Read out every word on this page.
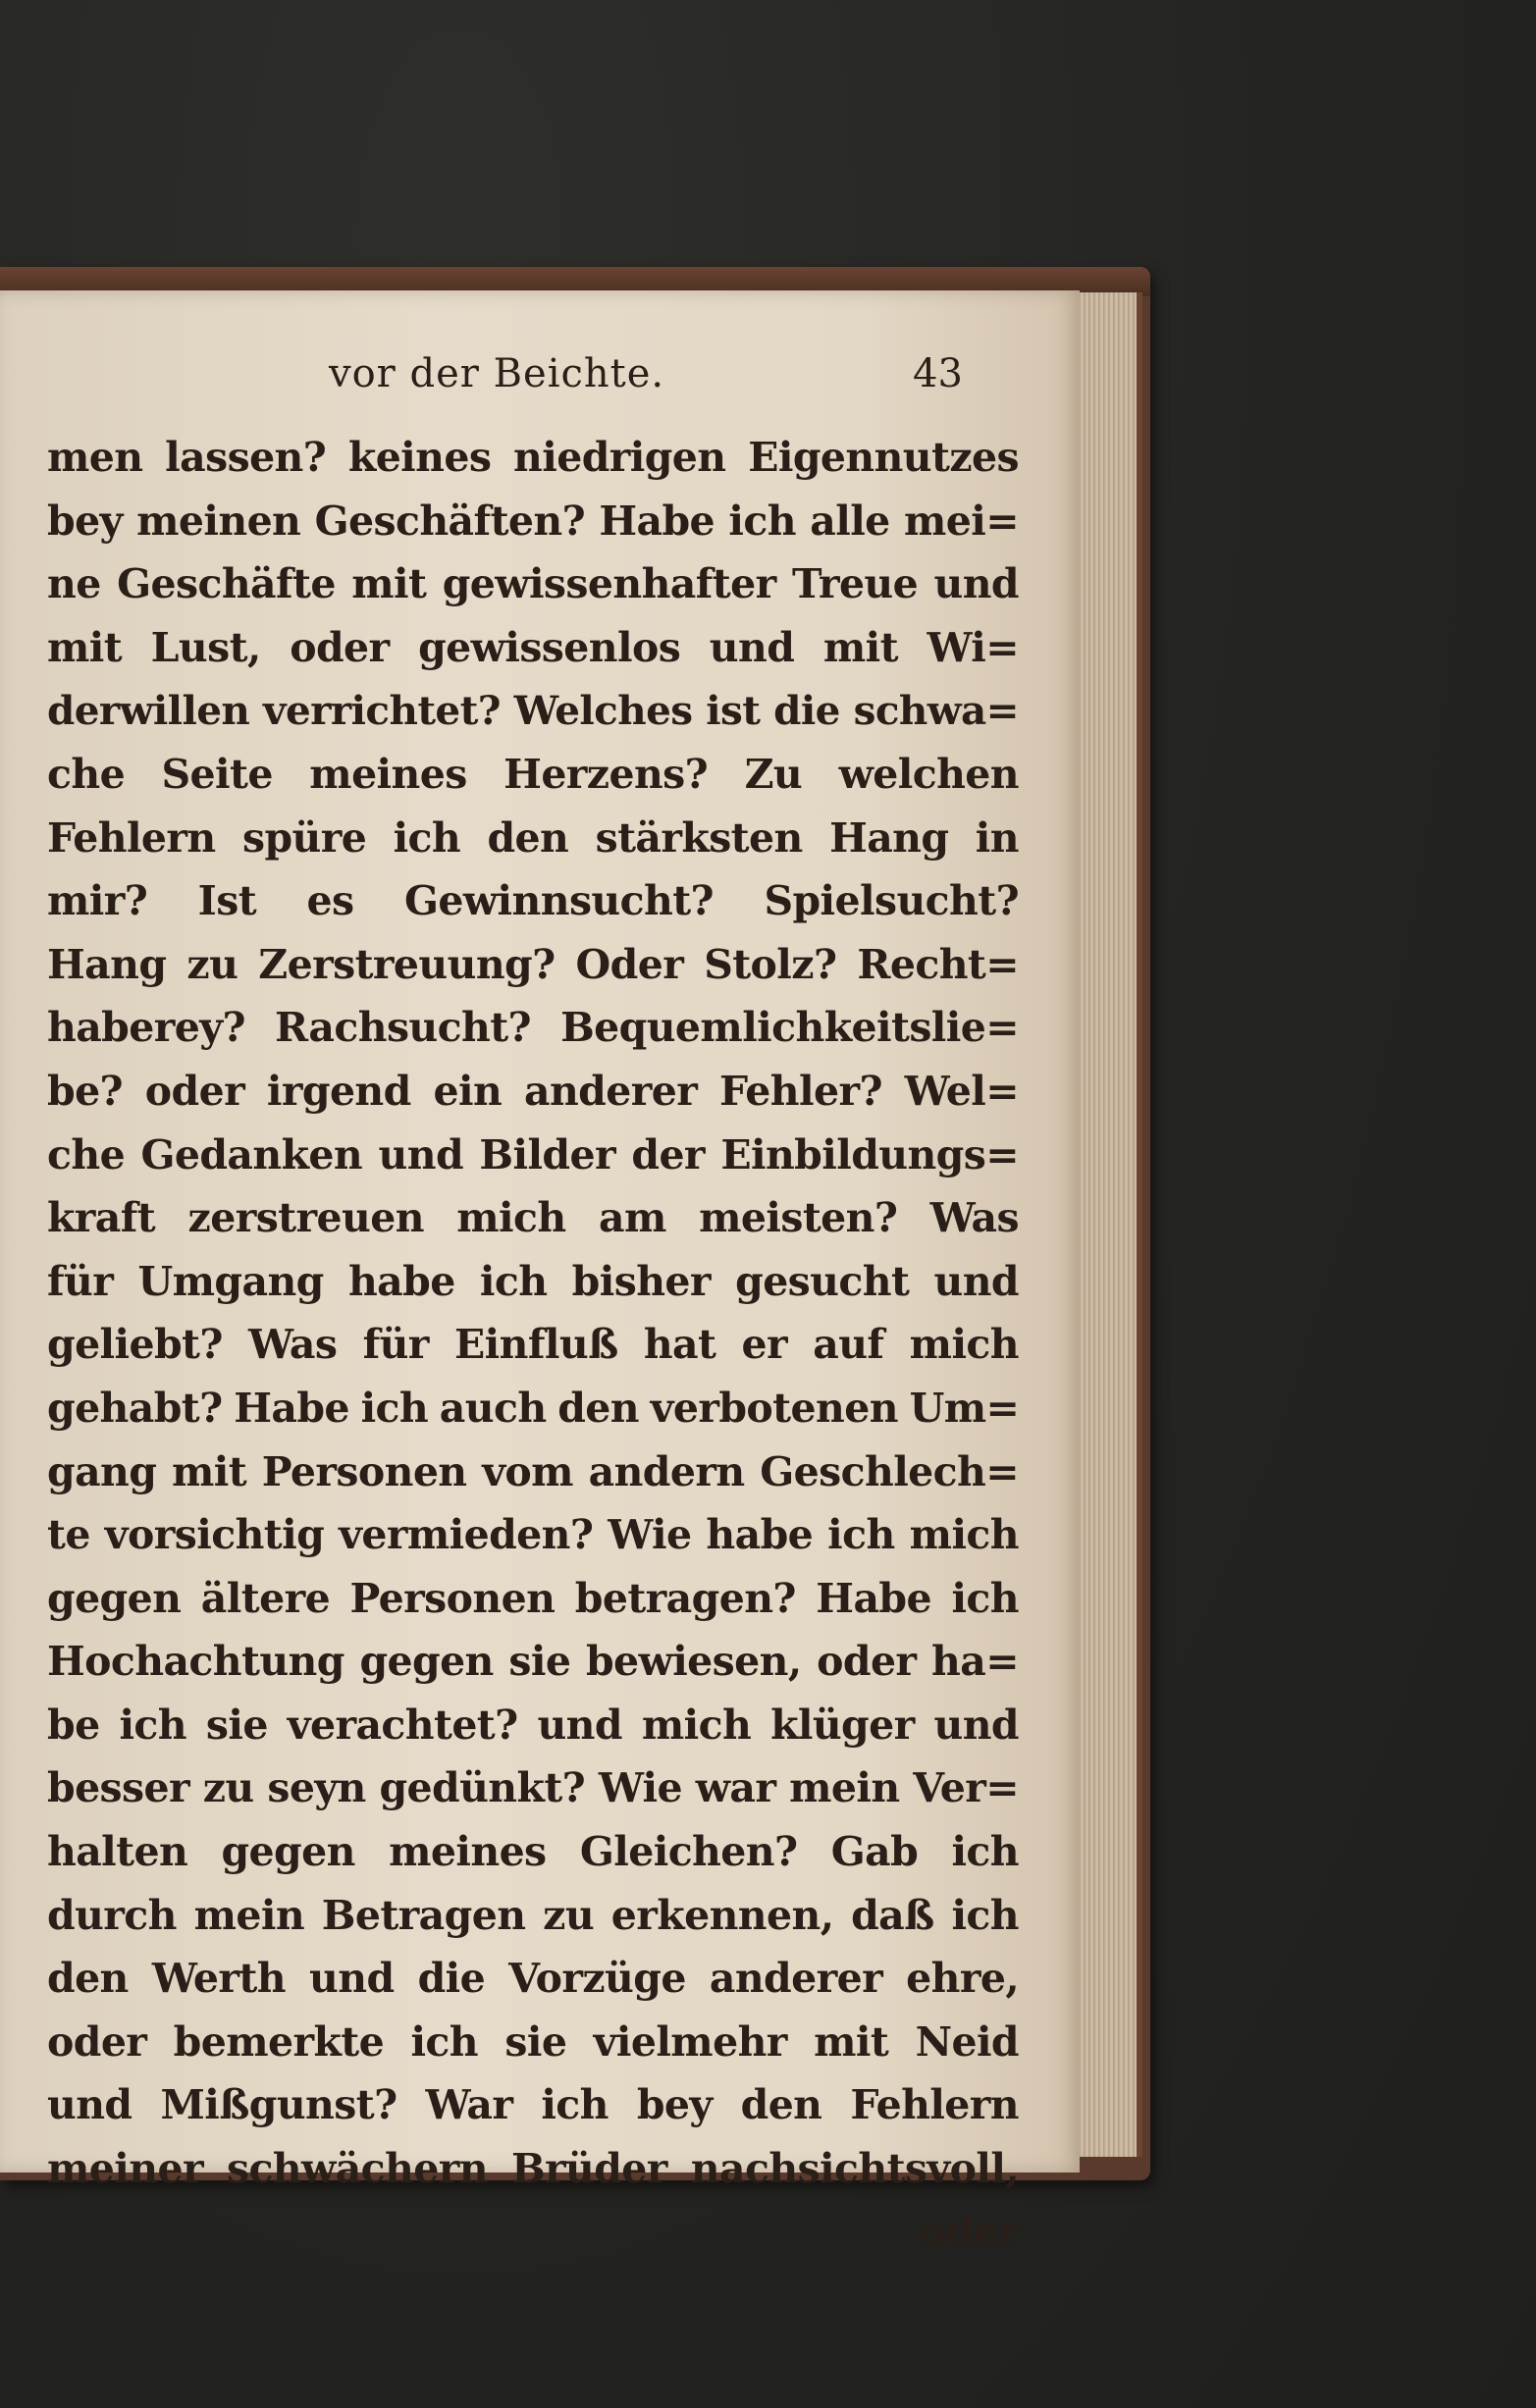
vor der Beichte.	43
men lassen? keines niedrigen Eigennutzes
bey meinen Geschäften? Habe ich alle mei=
ne Geschäfte mit gewissenhafter Treue und
mit Lust, oder gewissenlos und mit Wi=
derwillen verrichtet? Welches ist die schwa=
che Seite meines Herzens? Zu welchen
Fehlern spüre ich den stärksten Hang in
mir? Ist es Gewinnsucht? Spielsucht?
Hang zu Zerstreuung? Oder Stolz? Recht=
haberey? Rachsucht? Bequemlichkeitslie=
be? oder irgend ein anderer Fehler? Wel=
che Gedanken und Bilder der Einbildungs=
kraft zerstreuen mich am meisten? Was
für Umgang habe ich bisher gesucht und
geliebt? Was für Einfluß hat er auf mich
gehabt? Habe ich auch den verbotenen Um=
gang mit Personen vom andern Geschlech=
te vorsichtig vermieden? Wie habe ich mich
gegen ältere Personen betragen? Habe ich
Hochachtung gegen sie bewiesen, oder ha=
be ich sie verachtet? und mich klüger und
besser zu seyn gedünkt? Wie war mein Ver=
halten gegen meines Gleichen? Gab ich
durch mein Betragen zu erkennen, daß ich
den Werth und die Vorzüge anderer ehre,
oder bemerkte ich sie vielmehr mit Neid
und Mißgunst? War ich bey den Fehlern
meiner schwächern Brüder nachsichtsvoll,
oder
